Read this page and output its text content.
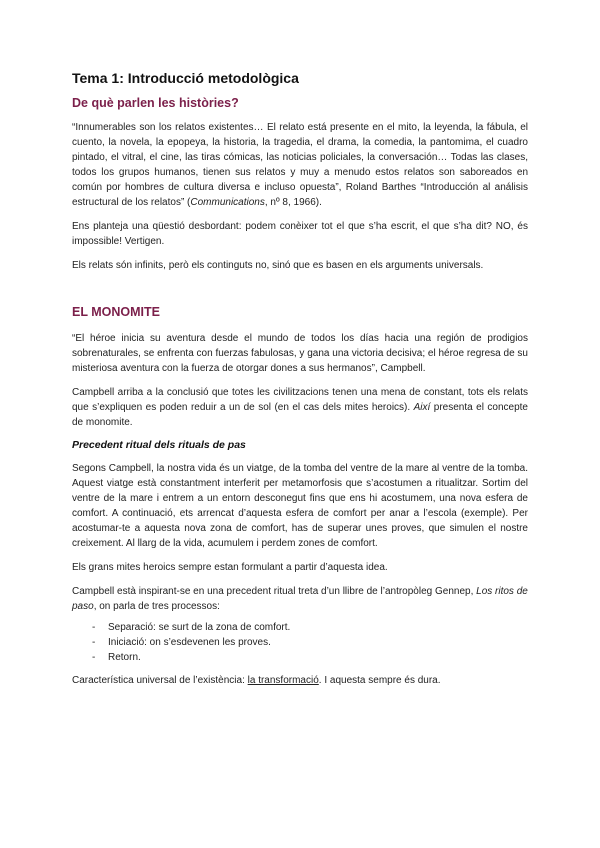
Tema 1: Introducció metodològica
De què parlen les històries?

“Innumerables son los relatos existentes… El relato está presente en el mito, la leyenda, la fábula, el cuento, la novela, la epopeya, la historia, la tragedia, el drama, la comedia, la pantomima, el cuadro pintado, el vitral, el cine, las tiras cómicas, las noticias policiales, la conversación… Todas las clases, todos los grupos humanos, tienen sus relatos y muy a menudo estos relatos son saboreados en común por hombres de cultura diversa e incluso opuesta”, Roland Barthes “Introducción al análisis estructural de los relatos” (Communications, nº 8, 1966).

Ens planteja una qüestió desbordant: podem conèixer tot el que s’ha escrit, el que s’ha dit? NO, és impossible! Vertigen.

Els relats són infinits, però els continguts no, sinó que es basen en els arguments universals.

EL MONOMITE

“El héroe inicia su aventura desde el mundo de todos los días hacia una región de prodigios sobrenaturales, se enfrenta con fuerzas fabulosas, y gana una victoria decisiva; el héroe regresa de su misteriosa aventura con la fuerza de otorgar dones a sus hermanos”, Campbell.

Campbell arriba a la conclusió que totes les civilitzacions tenen una mena de constant, tots els relats que s’expliquen es poden reduir a un de sol (en el cas dels mites heroics). Així presenta el concepte de monomite.

Precedent ritual dels rituals de pas

Segons Campbell, la nostra vida és un viatge, de la tomba del ventre de la mare al ventre de la tomba. Aquest viatge està constantment interferit per metamorfosis que s’acostumen a ritualitzar. Sortim del ventre de la mare i entrem a un entorn desconegut fins que ens hi acostumem, una nova esfera de comfort. A continuació, ets arrencat d’aquesta esfera de comfort per anar a l’escola (exemple). Per acostumar-te a aquesta nova zona de comfort, has de superar unes proves, que simulen el nostre creixement. Al llarg de la vida, acumulem i perdem zones de comfort.

Els grans mites heroics sempre estan formulant a partir d’aquesta idea.

Campbell està inspirant-se en una precedent ritual treta d’un llibre de l’antropòleg Gennep, Los ritos de paso, on parla de tres processos:

- Separació: se surt de la zona de comfort.
- Iniciació: on s’esdevenen les proves.
- Retorn.

Característica universal de l’existència: la transformació. I aquesta sempre és dura.
